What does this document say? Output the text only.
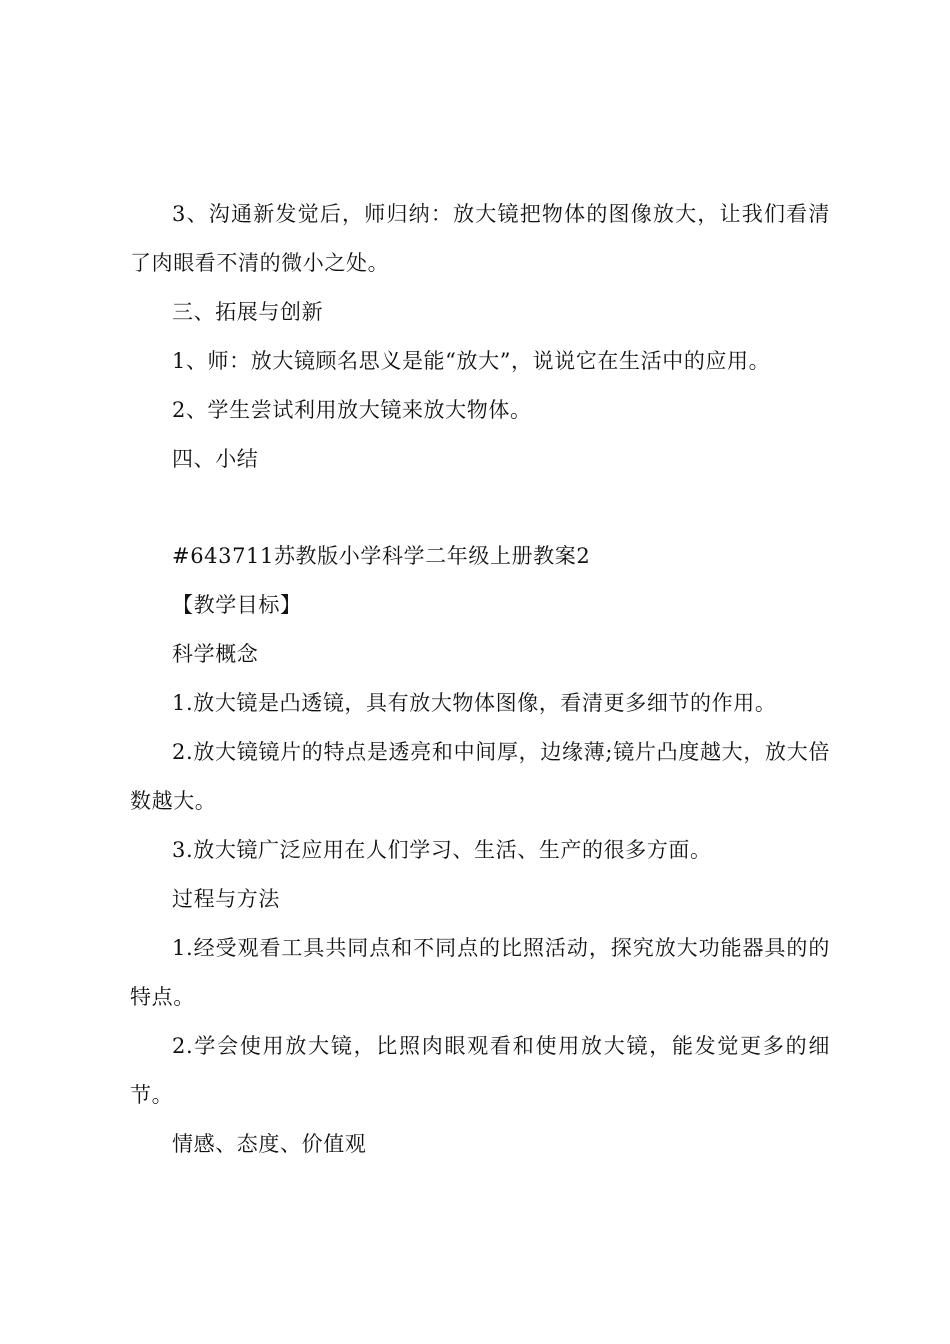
3、沟通新发觉后，师归纳：放大镜把物体的图像放大，让我们看清了肉眼看不清的微小之处。

三、拓展与创新

1、师：放大镜顾名思义是能“放大”，说说它在生活中的应用。

2、学生尝试利用放大镜来放大物体。

四、小结

#643711苏教版小学科学二年级上册教案2

【教学目标】

科学概念

1.放大镜是凸透镜，具有放大物体图像，看清更多细节的作用。

2.放大镜镜片的特点是透亮和中间厚，边缘薄;镜片凸度越大，放大倍数越大。

3.放大镜广泛应用在人们学习、生活、生产的很多方面。

过程与方法

1.经受观看工具共同点和不同点的比照活动，探究放大功能器具的的特点。

2.学会使用放大镜，比照肉眼观看和使用放大镜，能发觉更多的细节。

情感、态度、价值观
